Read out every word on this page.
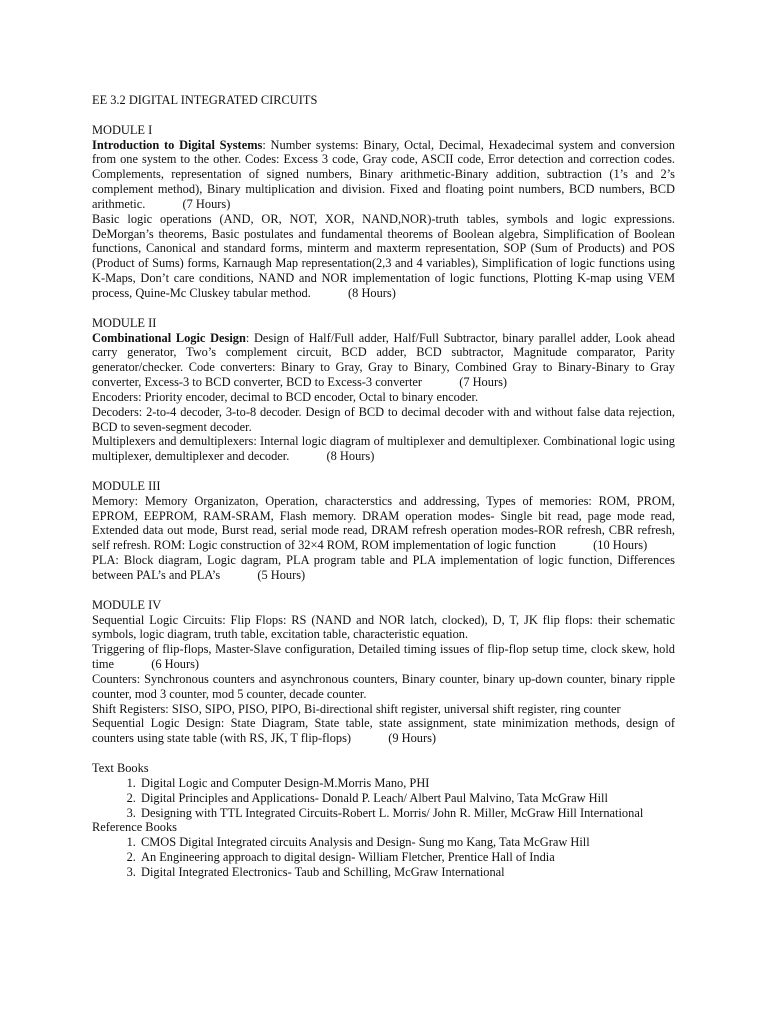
EE 3.2 DIGITAL INTEGRATED CIRCUITS

MODULE I

Introduction to Digital Systems: Number systems: Binary, Octal, Decimal, Hexadecimal system and conversion from one system to the other. Codes: Excess 3 code, Gray code, ASCII code, Error detection and correction codes. Complements, representation of signed numbers, Binary arithmetic-Binary addition, subtraction (1’s and 2’s complement method), Binary multiplication and division. Fixed and floating point numbers, BCD numbers, BCD arithmetic.   	(7 Hours)

Basic logic operations (AND, OR, NOT, XOR, NAND,NOR)-truth tables, symbols and logic expressions. DeMorgan’s theorems, Basic postulates and fundamental theorems of Boolean algebra, Simplification of Boolean functions, Canonical and standard forms, minterm and maxterm representation, SOP (Sum of Products) and POS (Product of Sums) forms, Karnaugh Map representation(2,3 and 4 variables), Simplification of logic functions using K-Maps, Don’t care conditions, NAND and NOR implementation of logic functions, Plotting K-map using VEM process, Quine-Mc Cluskey tabular method.   	(8 Hours)

MODULE II

Combinational Logic Design: Design of Half/Full adder, Half/Full Subtractor, binary parallel adder, Look ahead carry generator, Two’s complement circuit, BCD adder, BCD subtractor, Magnitude comparator, Parity generator/checker. Code converters: Binary to Gray, Gray to Binary, Combined Gray to Binary-Binary to Gray converter, Excess-3 to BCD converter, BCD to Excess-3 converter   	(7 Hours)

Encoders: Priority encoder, decimal to BCD encoder, Octal to binary encoder.

Decoders: 2-to-4 decoder, 3-to-8 decoder. Design of BCD to decimal decoder with and without false data rejection, BCD to seven-segment decoder.

Multiplexers and demultiplexers: Internal logic diagram of multiplexer and demultiplexer. Combinational logic using multiplexer, demultiplexer and decoder.   	(8 Hours)

MODULE III

Memory: Memory Organizaton, Operation, characterstics and addressing, Types of memories: ROM, PROM, EPROM, EEPROM, RAM-SRAM, Flash memory. DRAM operation modes- Single bit read, page mode read, Extended data out mode, Burst read, serial mode read, DRAM refresh operation modes-ROR refresh, CBR refresh, self refresh. ROM: Logic construction of 32×4 ROM, ROM implementation of logic function   	(10 Hours)

PLA: Block diagram, Logic dagram, PLA program table and PLA implementation of logic function, Differences between PAL’s and PLA’s   	(5 Hours)

MODULE IV

Sequential Logic Circuits: Flip Flops: RS (NAND and NOR latch, clocked), D, T, JK flip flops: their schematic symbols, logic diagram, truth table, excitation table, characteristic equation.

Triggering of flip-flops, Master-Slave configuration, Detailed timing issues of flip-flop setup time, clock skew, hold time   	(6 Hours)

Counters: Synchronous counters and asynchronous counters, Binary counter, binary up-down counter, binary ripple counter, mod 3 counter, mod 5 counter, decade counter.

Shift Registers: SISO, SIPO, PISO, PIPO, Bi-directional shift register, universal shift register, ring counter

Sequential Logic Design: State Diagram, State table, state assignment, state minimization methods, design of counters using state table (with RS, JK, T flip-flops)   	(9 Hours)

Text Books

1. Digital Logic and Computer Design-M.Morris Mano, PHI
2. Digital Principles and Applications- Donald P. Leach/ Albert Paul Malvino, Tata McGraw Hill
3. Designing with TTL Integrated Circuits-Robert L. Morris/ John R. Miller, McGraw Hill International

Reference Books

1. CMOS Digital Integrated circuits Analysis and Design- Sung mo Kang, Tata McGraw Hill
2. An Engineering approach to digital design- William Fletcher, Prentice Hall of India
3. Digital Integrated Electronics- Taub and Schilling, McGraw International
